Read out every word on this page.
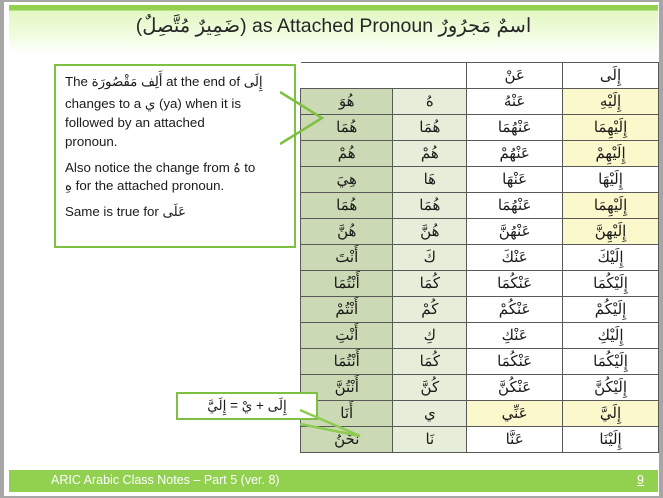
اسمٌ مَجرُورٌ as Attached Pronoun (ضَمِيرٌ مُتَّصِلٌ)
إِلَى	عَنْ		
إِلَيْهِ	عَنْهُ	هُ	هُوَ
إِلَيْهِمَا	عَنْهُمَا	هُمَا	هُمَا
إِلَيْهِمْ	عَنْهُمْ	هُمْ	هُمْ
إِلَيْهَا	عَنْهَا	هَا	هِيَ
إِلَيْهِمَا	عَنْهُمَا	هُمَا	هُمَا
إِلَيْهِنَّ	عَنْهُنَّ	هُنَّ	هُنَّ
إِلَيْكَ	عَنْكَ	كَ	أَنْتَ
إِلَيْكُمَا	عَنْكُمَا	كُمَا	أَنْتُمَا
إِلَيْكُمْ	عَنْكُمْ	كُمْ	أَنْتُمْ
إِلَيْكِ	عَنْكِ	كِ	أَنْتِ
إِلَيْكُمَا	عَنْكُمَا	كُمَا	أَنْتُمَا
إِلَيْكُنَّ	عَنْكُنَّ	كُنَّ	أَنْتُنَّ
إِلَيَّ	عَنِّي	ي	أَنَا
إِلَيْنَا	عَنَّا	نَا	نَحْنُ

The أَلِف مَقْصُورَة at the end of إِلَى

changes to a ي (ya) when it is
followed by an attached
pronoun.

Also notice the change from هُ to
هِ for the attached pronoun.

Same is true for عَلَى

إِلَى + يْ = إِلَيَّ
ARIC Arabic Class Notes – Part 5 (ver. 8)	9
